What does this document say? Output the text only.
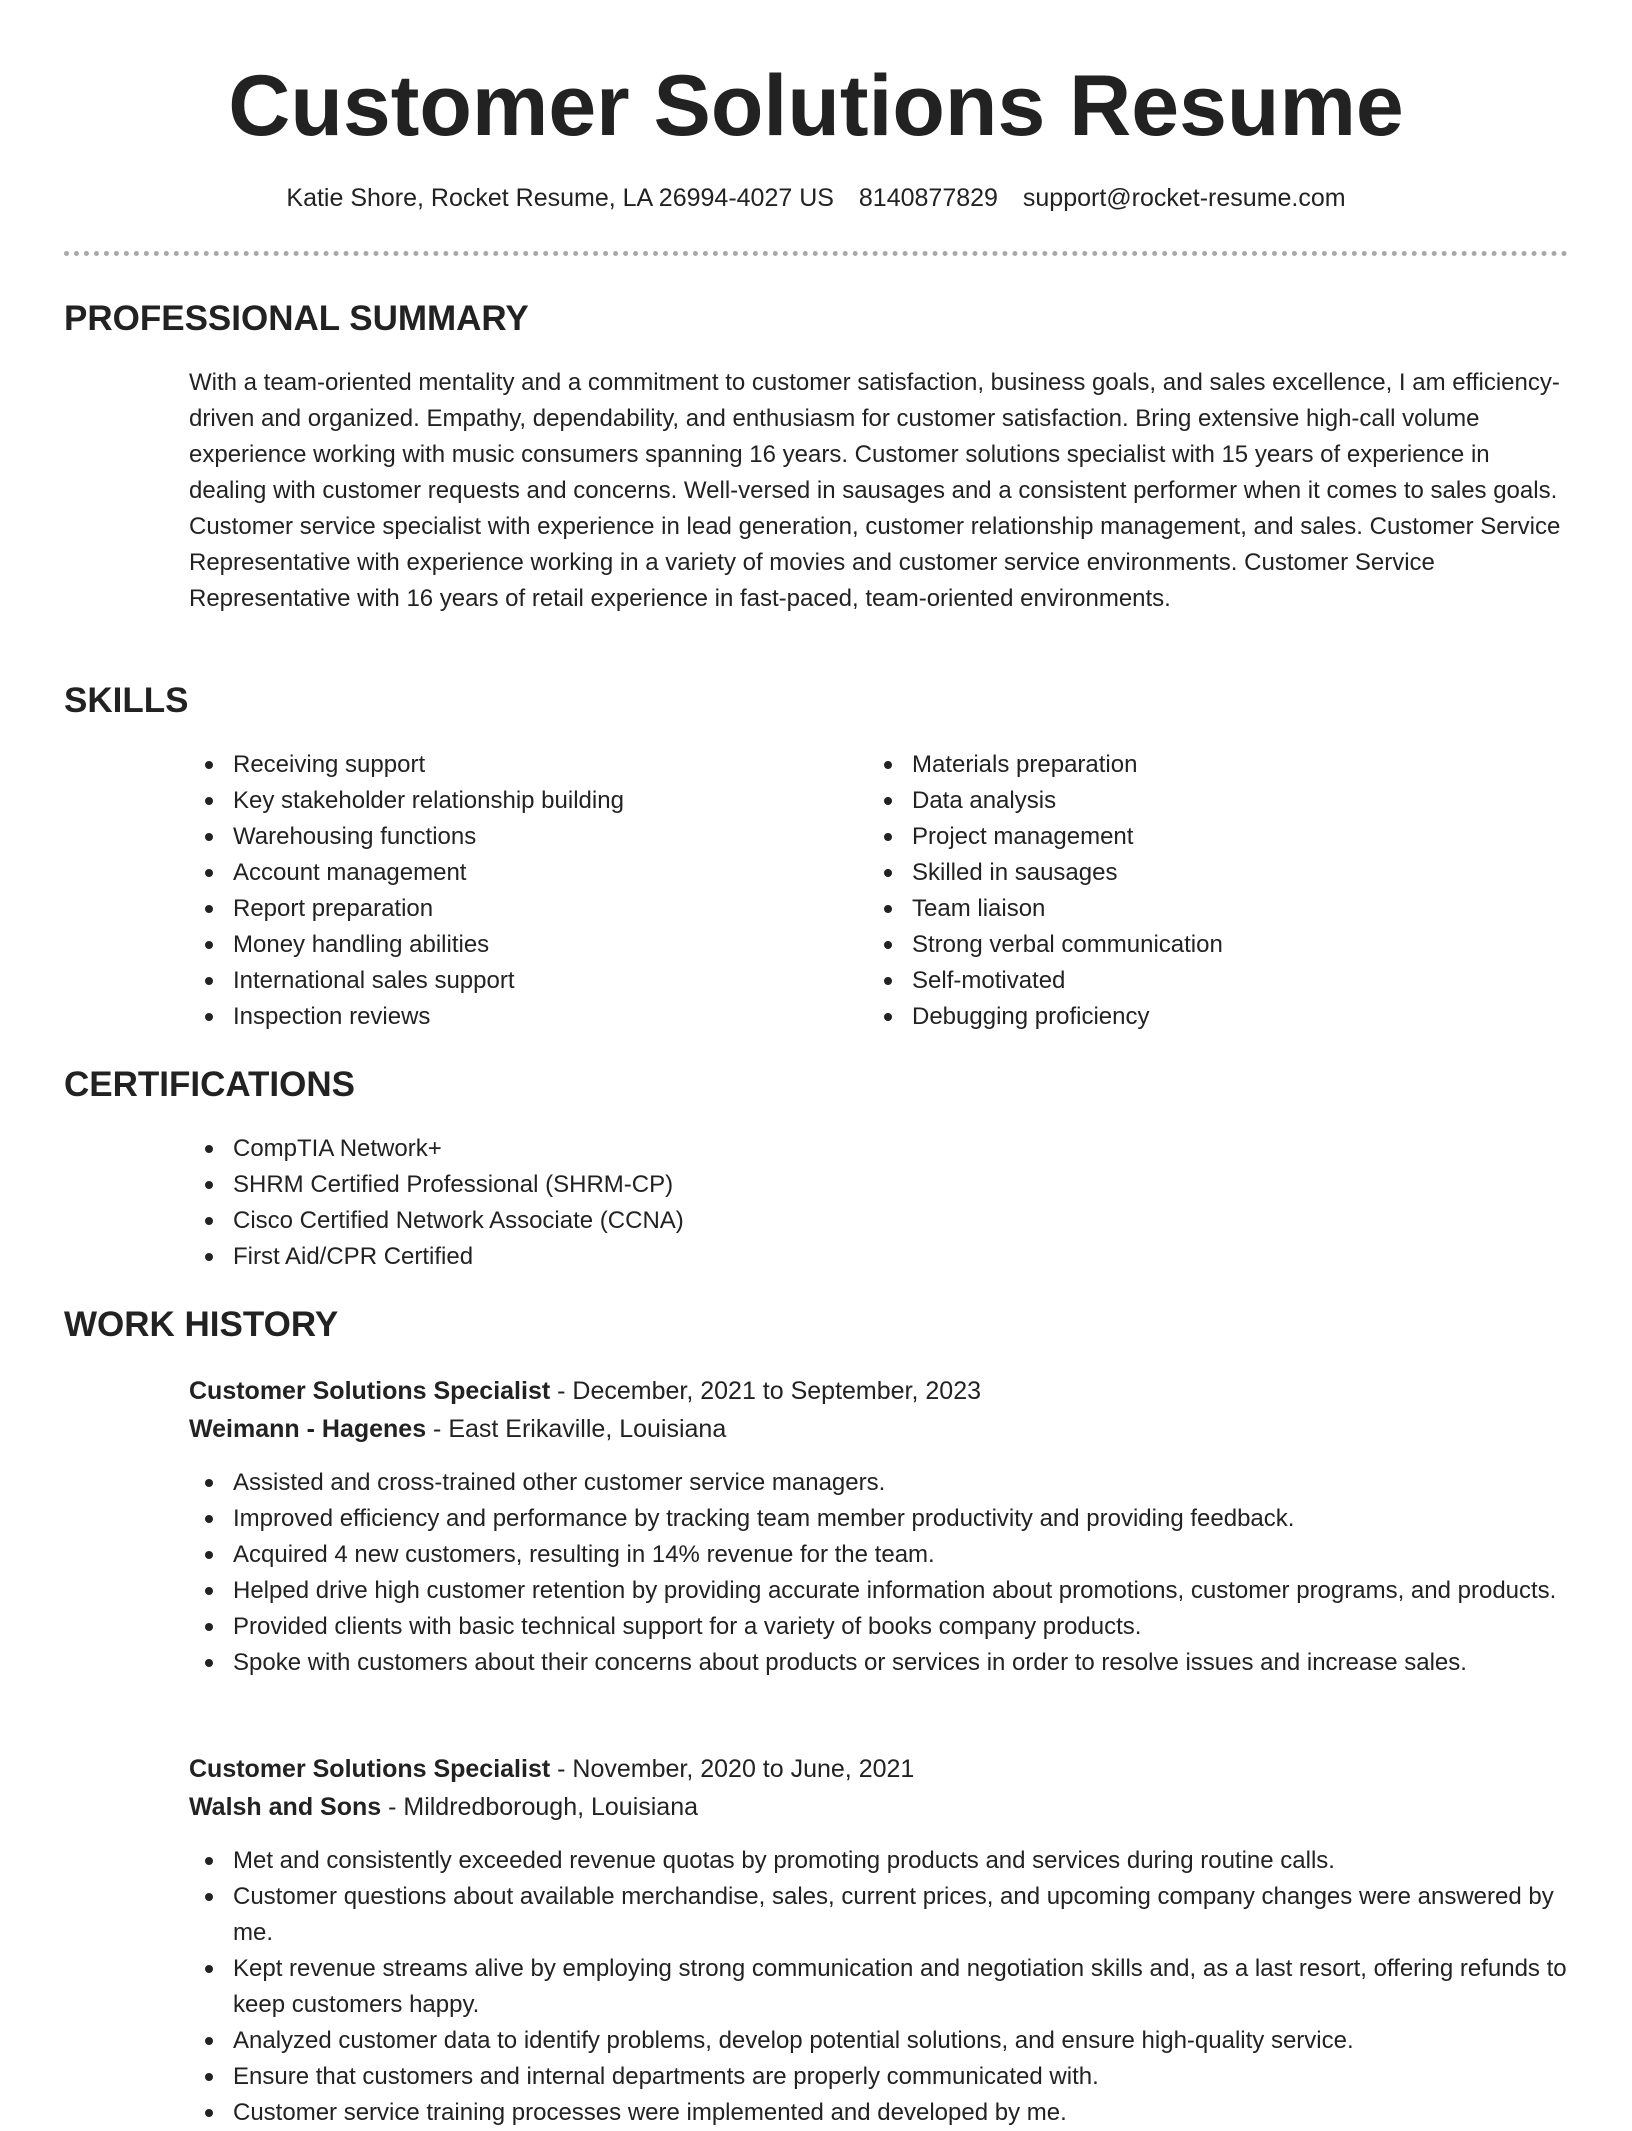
Customer Solutions Resume
Katie Shore, Rocket Resume, LA 26994-4027 US 8140877829 support@rocket-resume.com
PROFESSIONAL SUMMARY

With a team-oriented mentality and a commitment to customer satisfaction, business goals, and sales excellence, I am efficiency-driven and organized. Empathy, dependability, and enthusiasm for customer satisfaction. Bring extensive high-call volume experience working with music consumers spanning 16 years. Customer solutions specialist with 15 years of experience in dealing with customer requests and concerns. Well-versed in sausages and a consistent performer when it comes to sales goals. Customer service specialist with experience in lead generation, customer relationship management, and sales. Customer Service Representative with experience working in a variety of movies and customer service environments. Customer Service Representative with 16 years of retail experience in fast-paced, team-oriented environments.

SKILLS
Receiving support
Key stakeholder relationship building
Warehousing functions
Account management
Report preparation
Money handling abilities
International sales support
Inspection reviews
Materials preparation
Data analysis
Project management
Skilled in sausages
Team liaison
Strong verbal communication
Self-motivated
Debugging proficiency
CERTIFICATIONS
CompTIA Network+
SHRM Certified Professional (SHRM-CP)
Cisco Certified Network Associate (CCNA)
First Aid/CPR Certified
WORK HISTORY
Customer Solutions Specialist - December, 2021 to September, 2023
Weimann - Hagenes - East Erikaville, Louisiana
Assisted and cross-trained other customer service managers.
Improved efficiency and performance by tracking team member productivity and providing feedback.
Acquired 4 new customers, resulting in 14% revenue for the team.
Helped drive high customer retention by providing accurate information about promotions, customer programs, and products.
Provided clients with basic technical support for a variety of books company products.
Spoke with customers about their concerns about products or services in order to resolve issues and increase sales.
Customer Solutions Specialist - November, 2020 to June, 2021
Walsh and Sons - Mildredborough, Louisiana
Met and consistently exceeded revenue quotas by promoting products and services during routine calls.
Customer questions about available merchandise, sales, current prices, and upcoming company changes were answered by me.
Kept revenue streams alive by employing strong communication and negotiation skills and, as a last resort, offering refunds to keep customers happy.
Analyzed customer data to identify problems, develop potential solutions, and ensure high-quality service.
Ensure that customers and internal departments are properly communicated with.
Customer service training processes were implemented and developed by me.
